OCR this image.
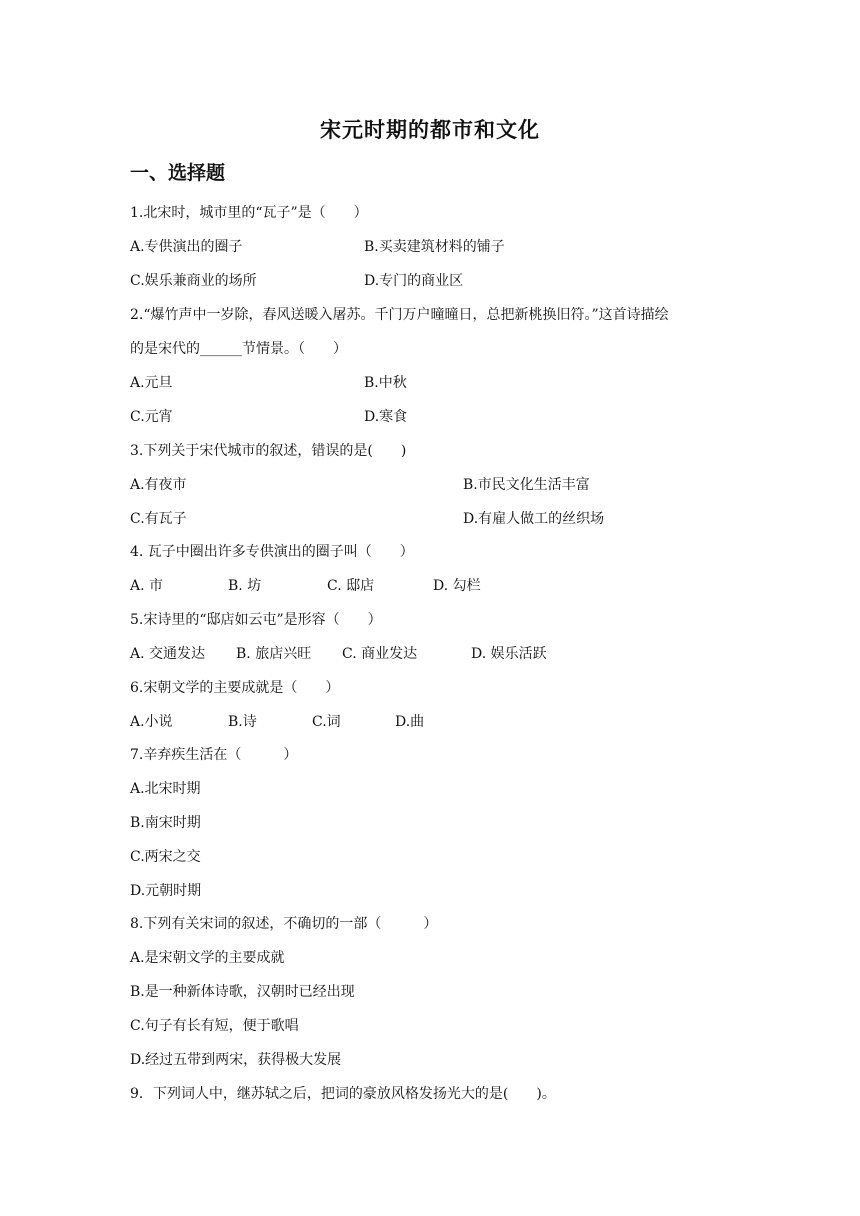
宋元时期的都市和文化
一、选择题
1.北宋时，城市里的“瓦子”是（　　）
A.专供演出的圈子	B.买卖建筑材料的铺子
C.娱乐兼商业的场所	D.专门的商业区
2.“爆竹声中一岁除，春风送暖入屠苏。千门万户曈曈日，总把新桃换旧符。”这首诗描绘
的是宋代的______节情景。（　　）
A.元旦	B.中秋
C.元宵	D.寒食
3.下列关于宋代城市的叙述，错误的是(　　)
A.有夜市	B.市民文化生活丰富
C.有瓦子	D.有雇人做工的丝织场
4. 瓦子中圈出许多专供演出的圈子叫（　　）
A. 市	B. 坊	C. 邸店	D. 勾栏
5.宋诗里的“邸店如云屯”是形容（　　）
A. 交通发达 B. 旅店兴旺 C. 商业发达	D. 娱乐活跃
6.宋朝文学的主要成就是（　　）
A.小说	B.诗	C.词	D.曲
7.辛弃疾生活在（　　　）
A.北宋时期
B.南宋时期
C.两宋之交
D.元朝时期
8.下列有关宋词的叙述，不确切的一部（　　　）
A.是宋朝文学的主要成就
B.是一种新体诗歌，汉朝时已经出现
C.句子有长有短，便于歌唱
D.经过五带到两宋，获得极大发展
9．下列词人中，继苏轼之后，把词的豪放风格发扬光大的是(　　)。
